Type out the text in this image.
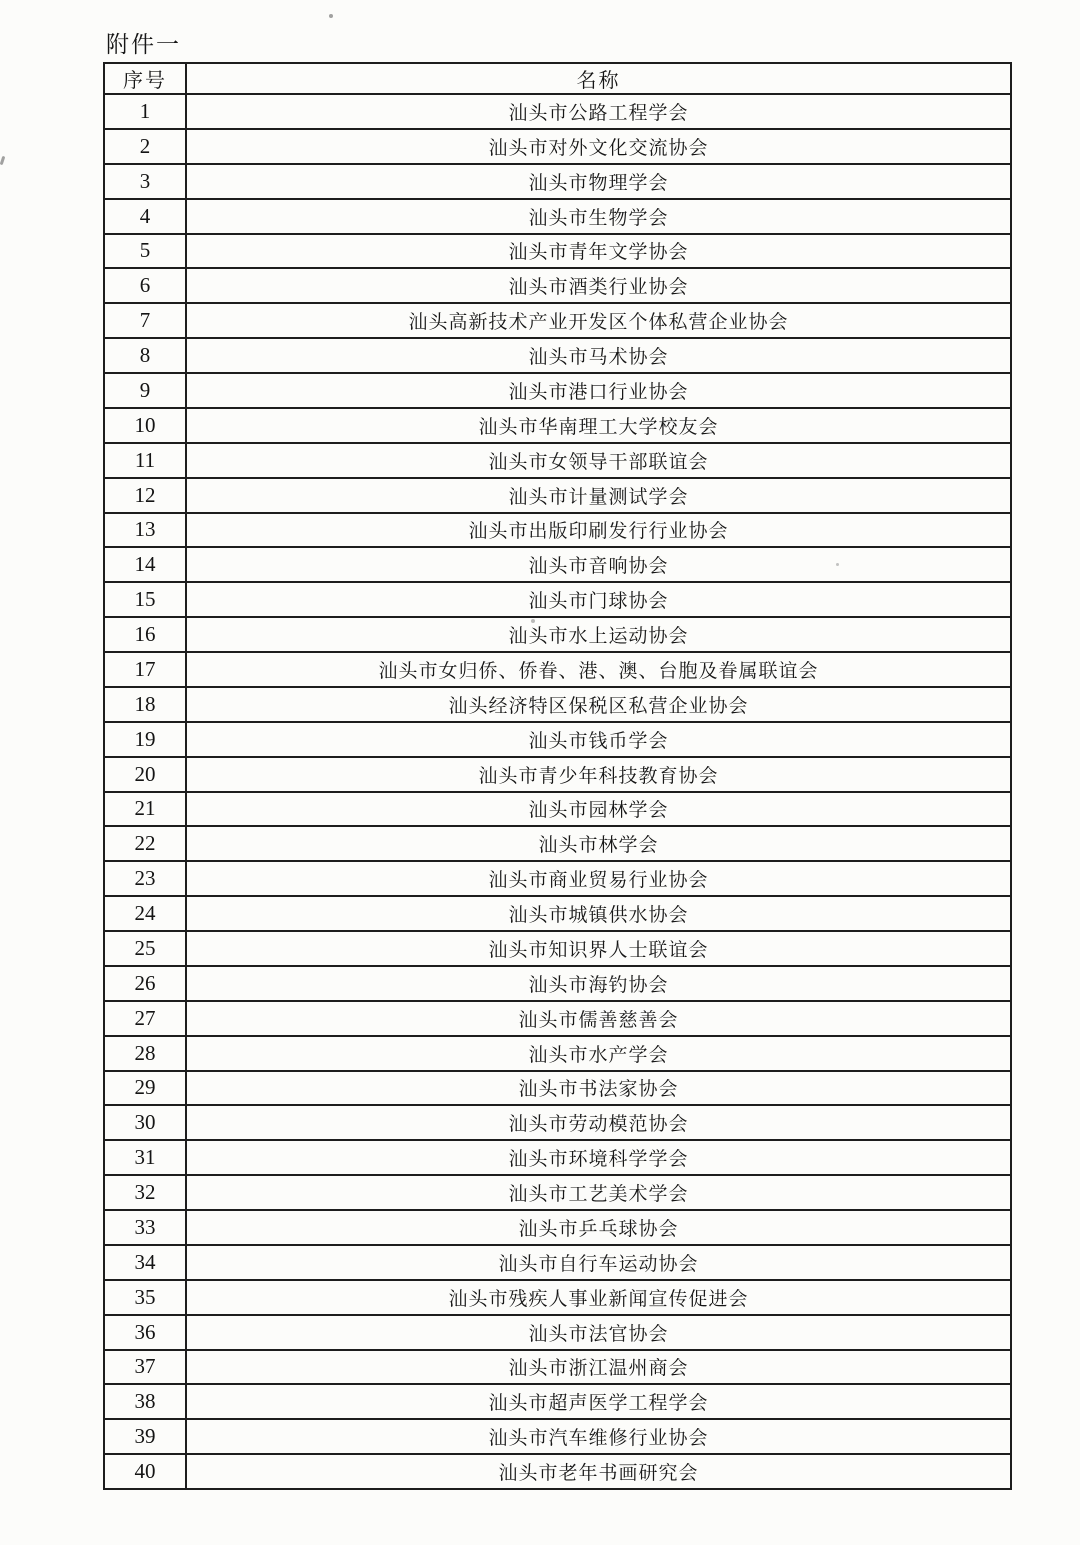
附件一
序号	名称
1	汕头市公路工程学会
2	汕头市对外文化交流协会
3	汕头市物理学会
4	汕头市生物学会
5	汕头市青年文学协会
6	汕头市酒类行业协会
7	汕头高新技术产业开发区个体私营企业协会
8	汕头市马术协会
9	汕头市港口行业协会
10	汕头市华南理工大学校友会
11	汕头市女领导干部联谊会
12	汕头市计量测试学会
13	汕头市出版印刷发行行业协会
14	汕头市音响协会
15	汕头市门球协会
16	汕头市水上运动协会
17	汕头市女归侨、侨眷、港、澳、台胞及眷属联谊会
18	汕头经济特区保税区私营企业协会
19	汕头市钱币学会
20	汕头市青少年科技教育协会
21	汕头市园林学会
22	汕头市林学会
23	汕头市商业贸易行业协会
24	汕头市城镇供水协会
25	汕头市知识界人士联谊会
26	汕头市海钓协会
27	汕头市儒善慈善会
28	汕头市水产学会
29	汕头市书法家协会
30	汕头市劳动模范协会
31	汕头市环境科学学会
32	汕头市工艺美术学会
33	汕头市乒乓球协会
34	汕头市自行车运动协会
35	汕头市残疾人事业新闻宣传促进会
36	汕头市法官协会
37	汕头市浙江温州商会
38	汕头市超声医学工程学会
39	汕头市汽车维修行业协会
40	汕头市老年书画研究会
